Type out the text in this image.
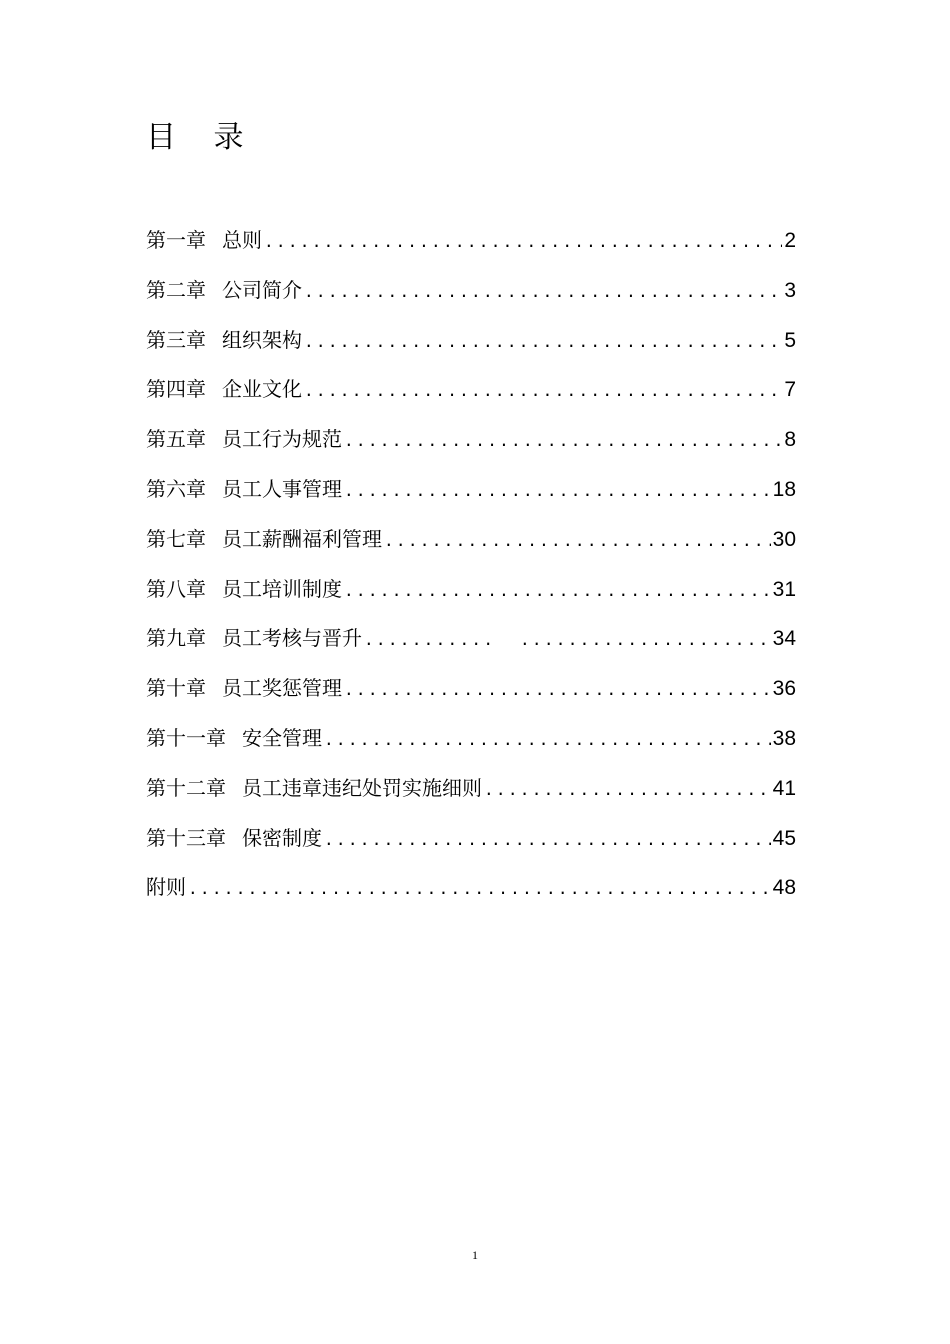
目 录
第一章 总则 .....	2
第二章 公司简介 .....	3
第三章 组织架构 .....	5
第四章 企业文化 .....	7
第五章 员工行为规范 .....	8
第六章 员工人事管理 .....	18
第七章 员工薪酬福利管理 .....	30
第八章 员工培训制度 .....	31
第九章 员工考核与晋升 ..... .....	34
第十章 员工奖惩管理 .....	36
第十一章 安全管理 .....	38
第十二章 员工违章违纪处罚实施细则 .....	41
第十三章 保密制度 .....	45
附则 .....	48
1
